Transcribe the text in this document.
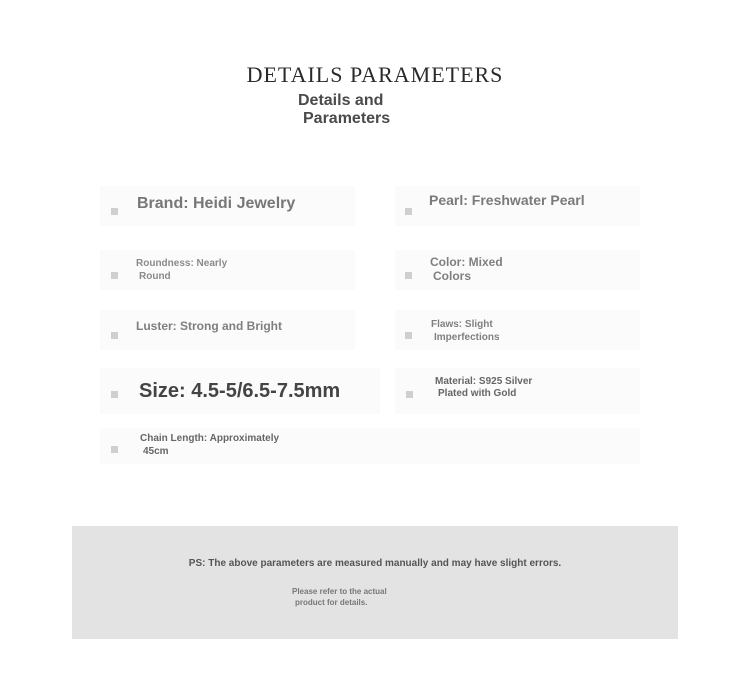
DETAILS PARAMETERS
Details and
Parameters
Brand: Heidi Jewelry	Pearl: Freshwater Pearl
Roundness: Nearly
Round
Color: Mixed
Colors
Luster: Strong and Bright	Flaws: Slight
Imperfections
Size: 4.5-5/6.5-7.5mm	Material: S925 Silver
Plated with Gold
Chain Length: Approximately
45cm
PS: The above parameters are measured manually and may have slight errors.
Please refer to the actual
product for details.
